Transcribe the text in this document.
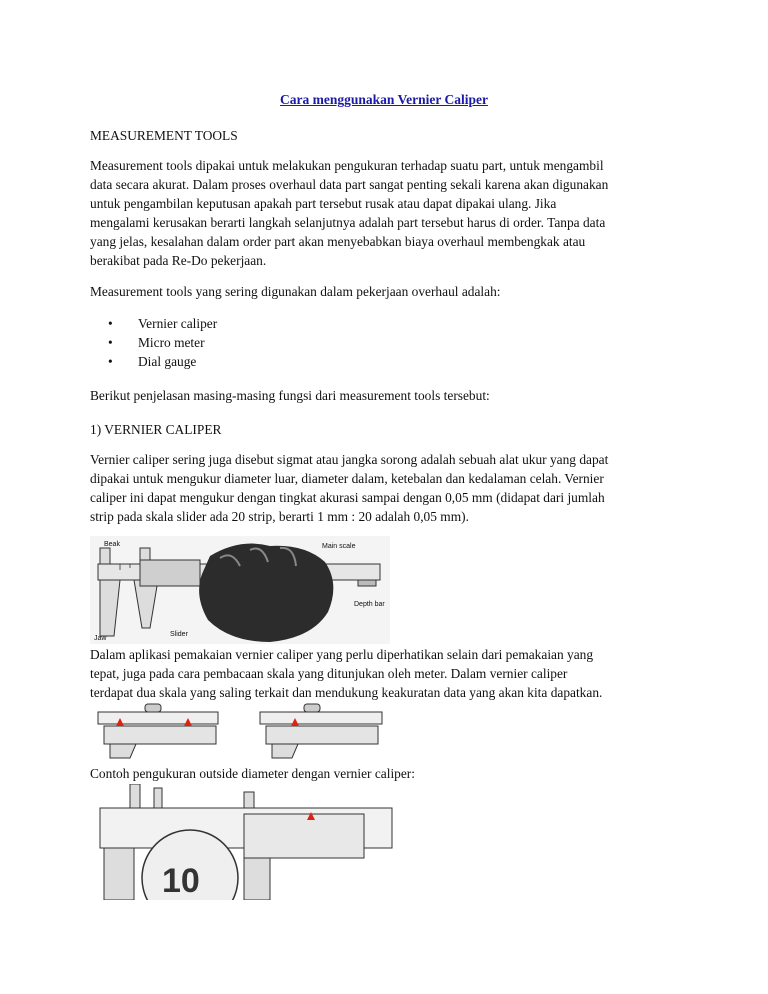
Cara menggunakan Vernier Caliper

MEASUREMENT TOOLS

Measurement tools dipakai untuk melakukan pengukuran terhadap suatu part, untuk mengambil

data secara akurat. Dalam proses overhaul data part sangat penting sekali karena akan digunakan

untuk pengambilan keputusan apakah part tersebut rusak atau dapat dipakai ulang. Jika

mengalami kerusakan berarti langkah selanjutnya adalah part tersebut harus di order. Tanpa data

yang jelas, kesalahan dalam order part akan menyebabkan biaya overhaul membengkak atau

berakibat pada Re-Do pekerjaan.

Measurement tools yang sering digunakan dalam pekerjaan overhaul adalah:

• Vernier caliper
• Micro meter
• Dial gauge

Berikut penjelasan masing-masing fungsi dari measurement tools tersebut:

1) VERNIER CALIPER

Vernier caliper sering juga disebut sigmat atau jangka sorong adalah sebuah alat ukur yang dapat

dipakai untuk mengukur diameter luar, diameter dalam, ketebalan dan kedalaman celah. Vernier

caliper ini dapat mengukur dengan tingkat akurasi sampai dengan 0,05 mm (didapat dari jumlah

strip pada skala slider ada 20 strip, berarti 1 mm : 20 adalah 0,05 mm).

Beak	Main scale
Depth bar
Jaw
Slider

Dalam aplikasi pemakaian vernier caliper yang perlu diperhatikan selain dari pemakaian yang

tepat, juga pada cara pembacaan skala yang ditunjukan oleh meter. Dalam vernier caliper

terdapat dua skala yang saling terkait dan mendukung keakuratan data yang akan kita dapatkan.

Contoh pengukuran outside diameter dengan vernier caliper:

10
